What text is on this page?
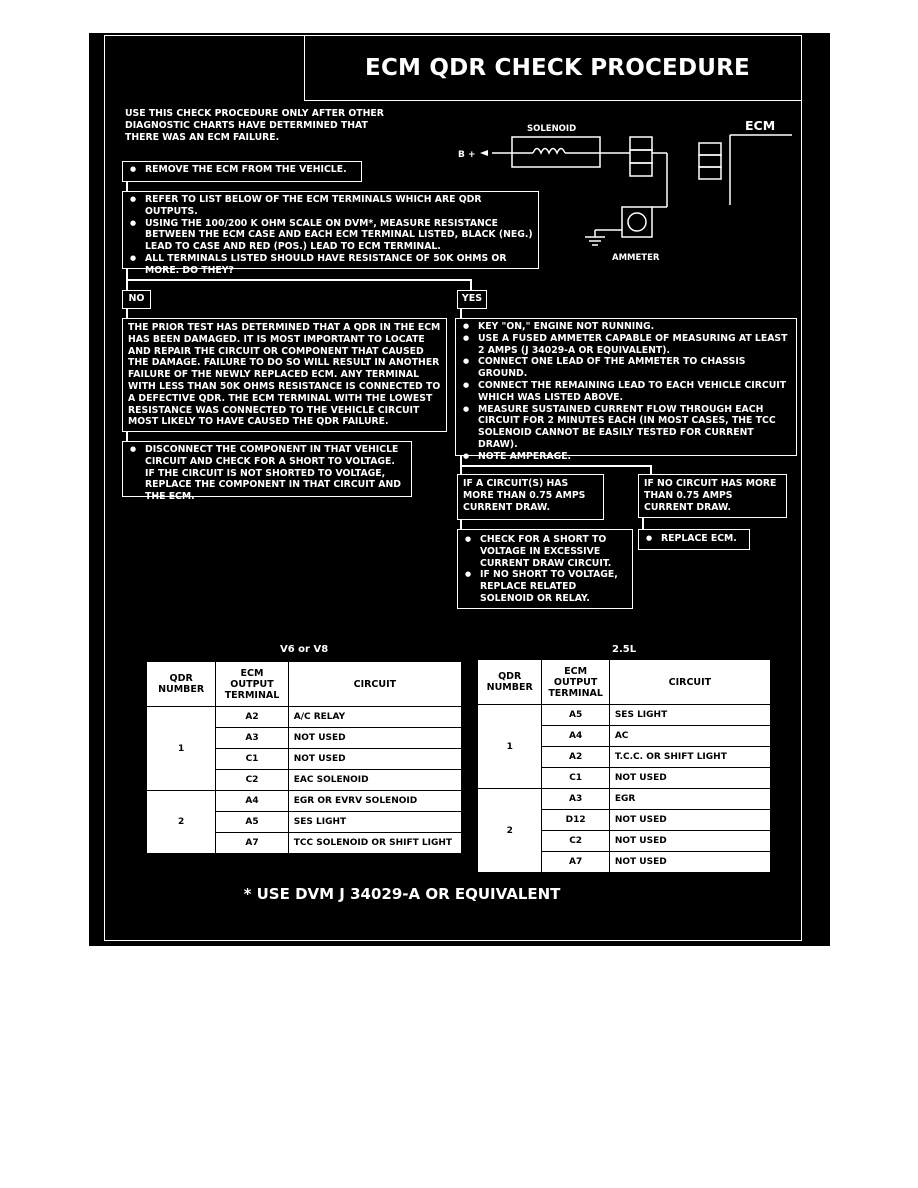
ECM QDR CHECK PROCEDURE
USE THIS CHECK PROCEDURE ONLY AFTER OTHER DIAGNOSTIC CHARTS HAVE DETERMINED THAT THERE WAS AN ECM FAILURE.
SOLENOID
B +
AMMETER
ECM
● REMOVE THE ECM FROM THE VEHICLE.
● REFER TO LIST BELOW OF THE ECM TERMINALS WHICH ARE QDR OUTPUTS.
● USING THE 100/200 K OHM SCALE ON DVM*, MEASURE RESISTANCE BETWEEN THE ECM CASE AND EACH ECM TERMINAL LISTED, BLACK (NEG.) LEAD TO CASE AND RED (POS.) LEAD TO ECM TERMINAL.
● ALL TERMINALS LISTED SHOULD HAVE RESISTANCE OF 50K OHMS OR MORE. DO THEY?
NO	YES
THE PRIOR TEST HAS DETERMINED THAT A QDR IN THE ECM HAS BEEN DAMAGED. IT IS MOST IMPORTANT TO LOCATE AND REPAIR THE CIRCUIT OR COMPONENT THAT CAUSED THE DAMAGE. FAILURE TO DO SO WILL RESULT IN ANOTHER FAILURE OF THE NEWLY REPLACED ECM. ANY TERMINAL WITH LESS THAN 50K OHMS RESISTANCE IS CONNECTED TO A DEFECTIVE QDR. THE ECM TERMINAL WITH THE LOWEST RESISTANCE WAS CONNECTED TO THE VEHICLE CIRCUIT MOST LIKELY TO HAVE CAUSED THE QDR FAILURE.
● DISCONNECT THE COMPONENT IN THAT VEHICLE CIRCUIT AND CHECK FOR A SHORT TO VOLTAGE. IF THE CIRCUIT IS NOT SHORTED TO VOLTAGE, REPLACE THE COMPONENT IN THAT CIRCUIT AND THE ECM.
● KEY "ON," ENGINE NOT RUNNING.
● USE A FUSED AMMETER CAPABLE OF MEASURING AT LEAST 2 AMPS (J 34029-A OR EQUIVALENT).
● CONNECT ONE LEAD OF THE AMMETER TO CHASSIS GROUND.
● CONNECT THE REMAINING LEAD TO EACH VEHICLE CIRCUIT WHICH WAS LISTED ABOVE.
● MEASURE SUSTAINED CURRENT FLOW THROUGH EACH CIRCUIT FOR 2 MINUTES EACH (IN MOST CASES, THE TCC SOLENOID CANNOT BE EASILY TESTED FOR CURRENT DRAW).
● NOTE AMPERAGE.
IF A CIRCUIT(S) HAS MORE THAN 0.75 AMPS CURRENT DRAW.
IF NO CIRCUIT HAS MORE THAN 0.75 AMPS CURRENT DRAW.
● CHECK FOR A SHORT TO VOLTAGE IN EXCESSIVE CURRENT DRAW CIRCUIT.
● IF NO SHORT TO VOLTAGE, REPLACE RELATED SOLENOID OR RELAY.
● REPLACE ECM.
V6 or V8	2.5L
QDR NUMBER	ECM OUTPUT TERMINAL	CIRCUIT
1	A2	A/C RELAY
	A3	NOT USED
	C1	NOT USED
	C2	EAC SOLENOID
2	A4	EGR OR EVRV SOLENOID
	A5	SES LIGHT
	A7	TCC SOLENOID OR SHIFT LIGHT
QDR NUMBER	ECM OUTPUT TERMINAL	CIRCUIT
1	A5	SES LIGHT
	A4	AC
	A2	T.C.C. OR SHIFT LIGHT
	C1	NOT USED
2	A3	EGR
	D12	NOT USED
	C2	NOT USED
	A7	NOT USED
* USE DVM J 34029-A OR EQUIVALENT
